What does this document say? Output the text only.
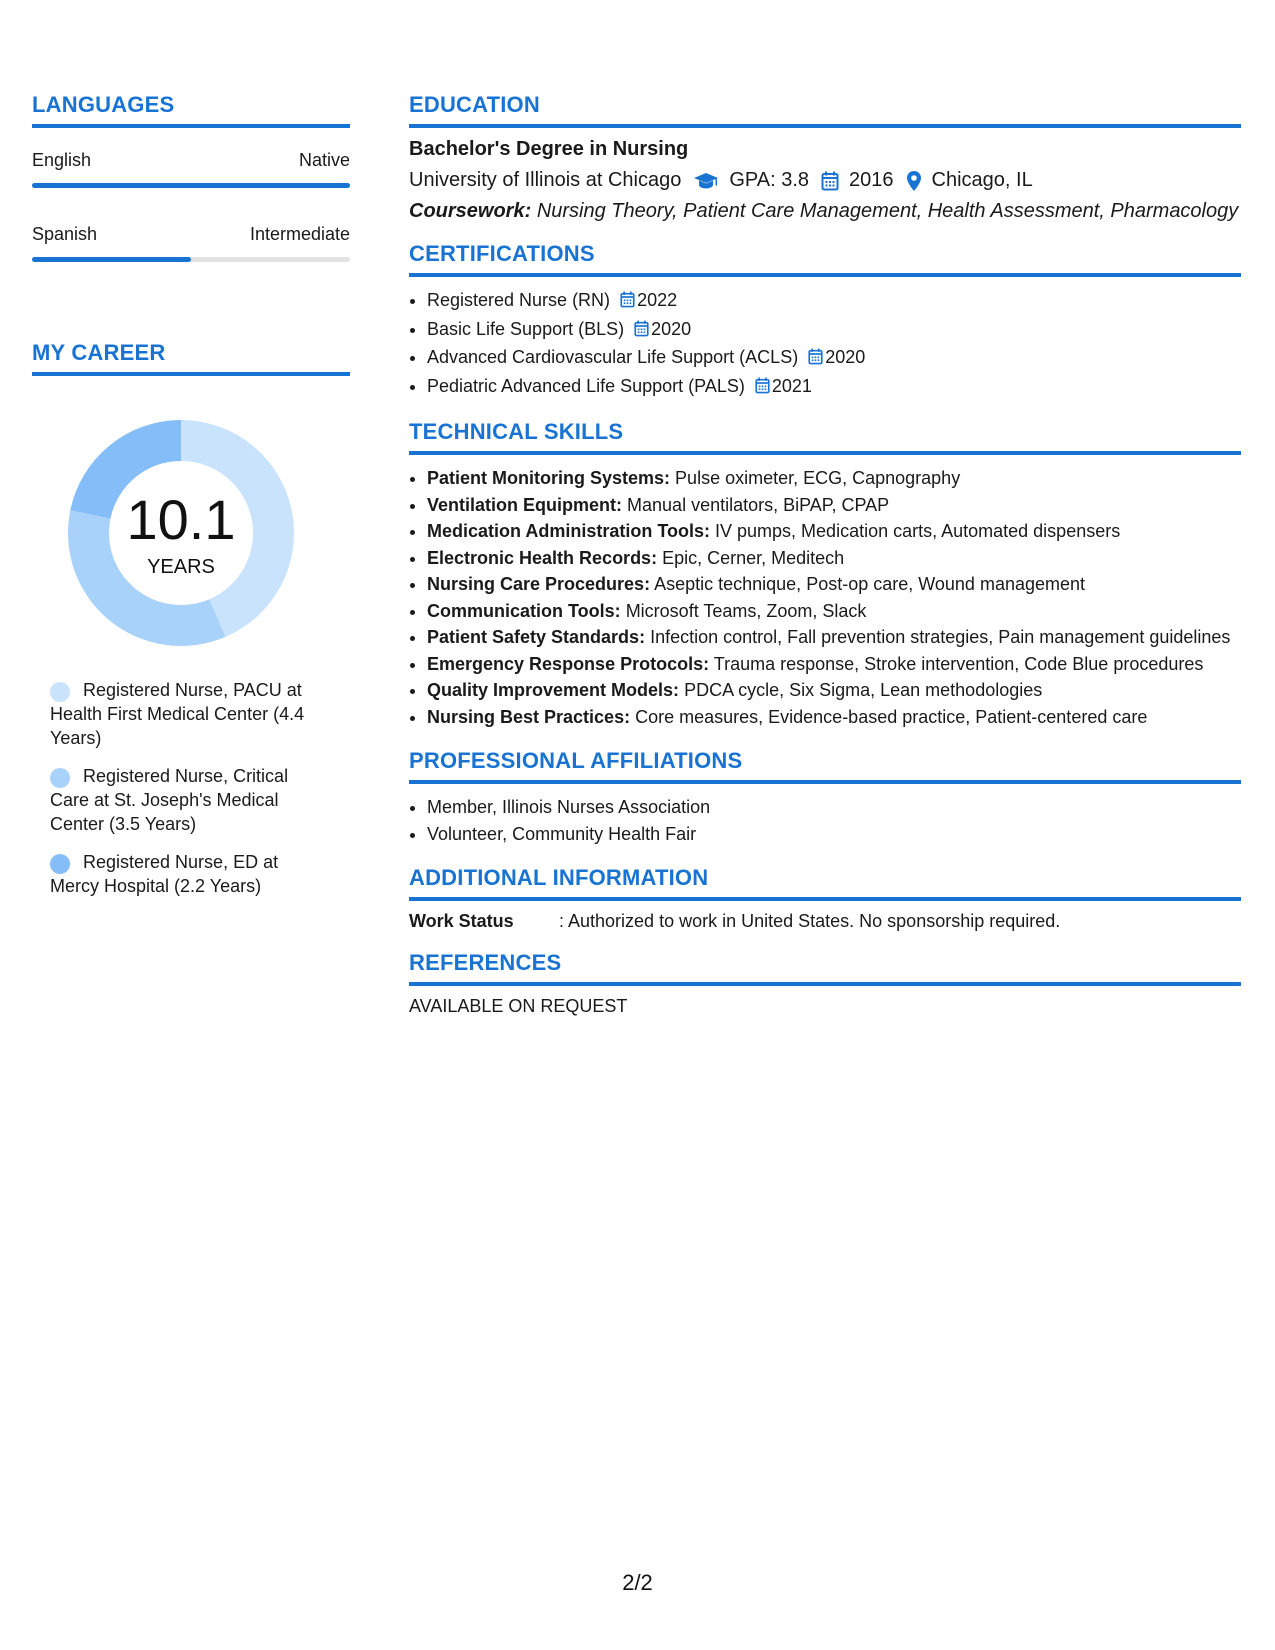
LANGUAGES
English	Native
Spanish	Intermediate
MY CAREER
10.1
YEARS
Registered Nurse, PACU at Health First Medical Center (4.4 Years)
Registered Nurse, Critical Care at St. Joseph's Medical Center (3.5 Years)
Registered Nurse, ED at Mercy Hospital (2.2 Years)
EDUCATION
Bachelor's Degree in Nursing
University of Illinois at Chicago GPA: 3.8 2016 Chicago, IL
Coursework: Nursing Theory, Patient Care Management, Health Assessment, Pharmacology
CERTIFICATIONS
• Registered Nurse (RN) 2022
• Basic Life Support (BLS) 2020
• Advanced Cardiovascular Life Support (ACLS) 2020
• Pediatric Advanced Life Support (PALS) 2021
TECHNICAL SKILLS
• Patient Monitoring Systems: Pulse oximeter, ECG, Capnography
• Ventilation Equipment: Manual ventilators, BiPAP, CPAP
• Medication Administration Tools: IV pumps, Medication carts, Automated dispensers
• Electronic Health Records: Epic, Cerner, Meditech
• Nursing Care Procedures: Aseptic technique, Post-op care, Wound management
• Communication Tools: Microsoft Teams, Zoom, Slack
• Patient Safety Standards: Infection control, Fall prevention strategies, Pain management guidelines
• Emergency Response Protocols: Trauma response, Stroke intervention, Code Blue procedures
• Quality Improvement Models: PDCA cycle, Six Sigma, Lean methodologies
• Nursing Best Practices: Core measures, Evidence-based practice, Patient-centered care
PROFESSIONAL AFFILIATIONS
• Member, Illinois Nurses Association
• Volunteer, Community Health Fair
ADDITIONAL INFORMATION
Work Status	: Authorized to work in United States. No sponsorship required.
REFERENCES
AVAILABLE ON REQUEST
2/2
